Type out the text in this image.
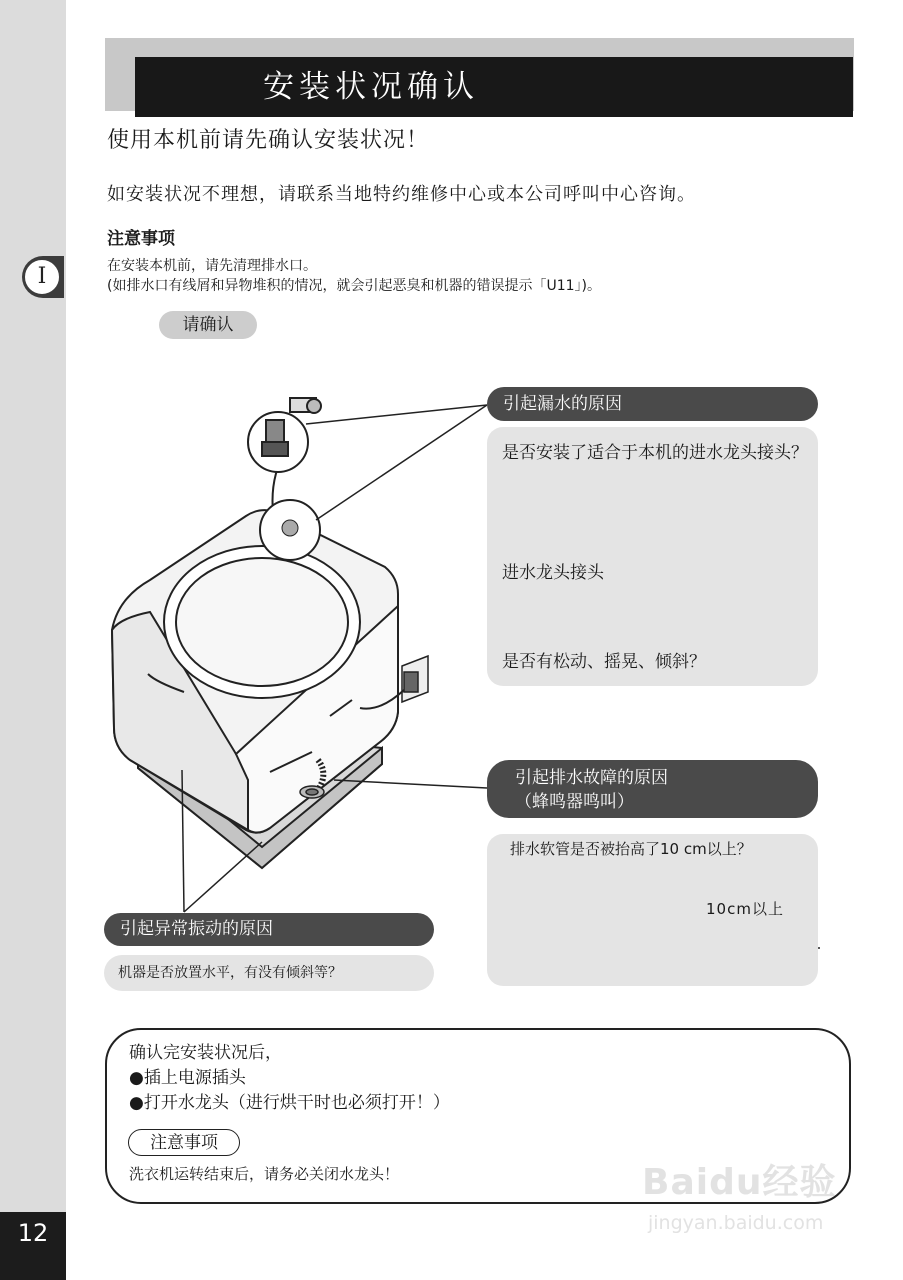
I
12
安装状况确认
使用本机前请先确认安装状况！
如安装状况不理想，请联系当地特约维修中心或本公司呼叫中心咨询。
注意事项
在安装本机前，请先清理排水口。
(如排水口有线屑和异物堆积的情况，就会引起恶臭和机器的错误提示「U11」)。
请确认
引起漏水的原因
是否安装了适合于本机的进水龙头接头？
进水龙头接头
是否有松动、摇晃、倾斜？
引起排水故障的原因
（蜂鸣器鸣叫）
排水软管是否被抬高了10 cm以上？
10cm以上
引起异常振动的原因
机器是否放置水平，有没有倾斜等？
确认完安装状况后，
●插上电源插头
●打开水龙头（进行烘干时也必须打开！）
注意事项
洗衣机运转结束后，请务必关闭水龙头！	Baidu经验
jingyan.baidu.com
